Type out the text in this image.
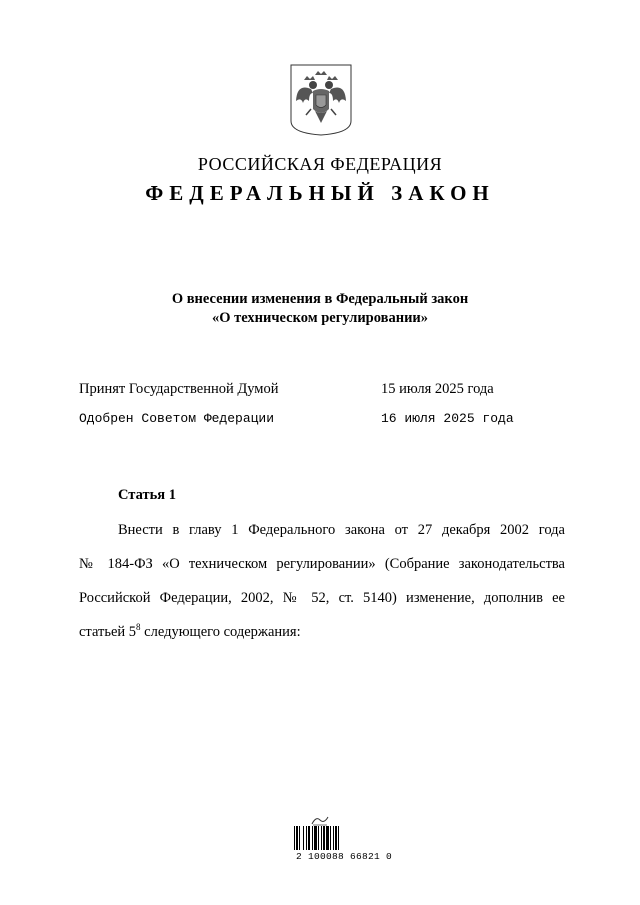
РОССИЙСКАЯ ФЕДЕРАЦИЯ
ФЕДЕРАЛЬНЫЙ ЗАКОН
О внесении изменения в Федеральный закон
«О техническом регулировании»
Принят Государственной Думой	15 июля 2025 года
Одобрен Советом Федерации	16 июля 2025 года
Статья 1
Внести в главу 1 Федерального закона от 27 декабря 2002 года
№ 184-ФЗ «О техническом регулировании» (Собрание законодательства
Российской Федерации, 2002, № 52, ст. 5140) изменение, дополнив ее
статьей $5^8$ следующего содержания:
2 100088 66821 0
